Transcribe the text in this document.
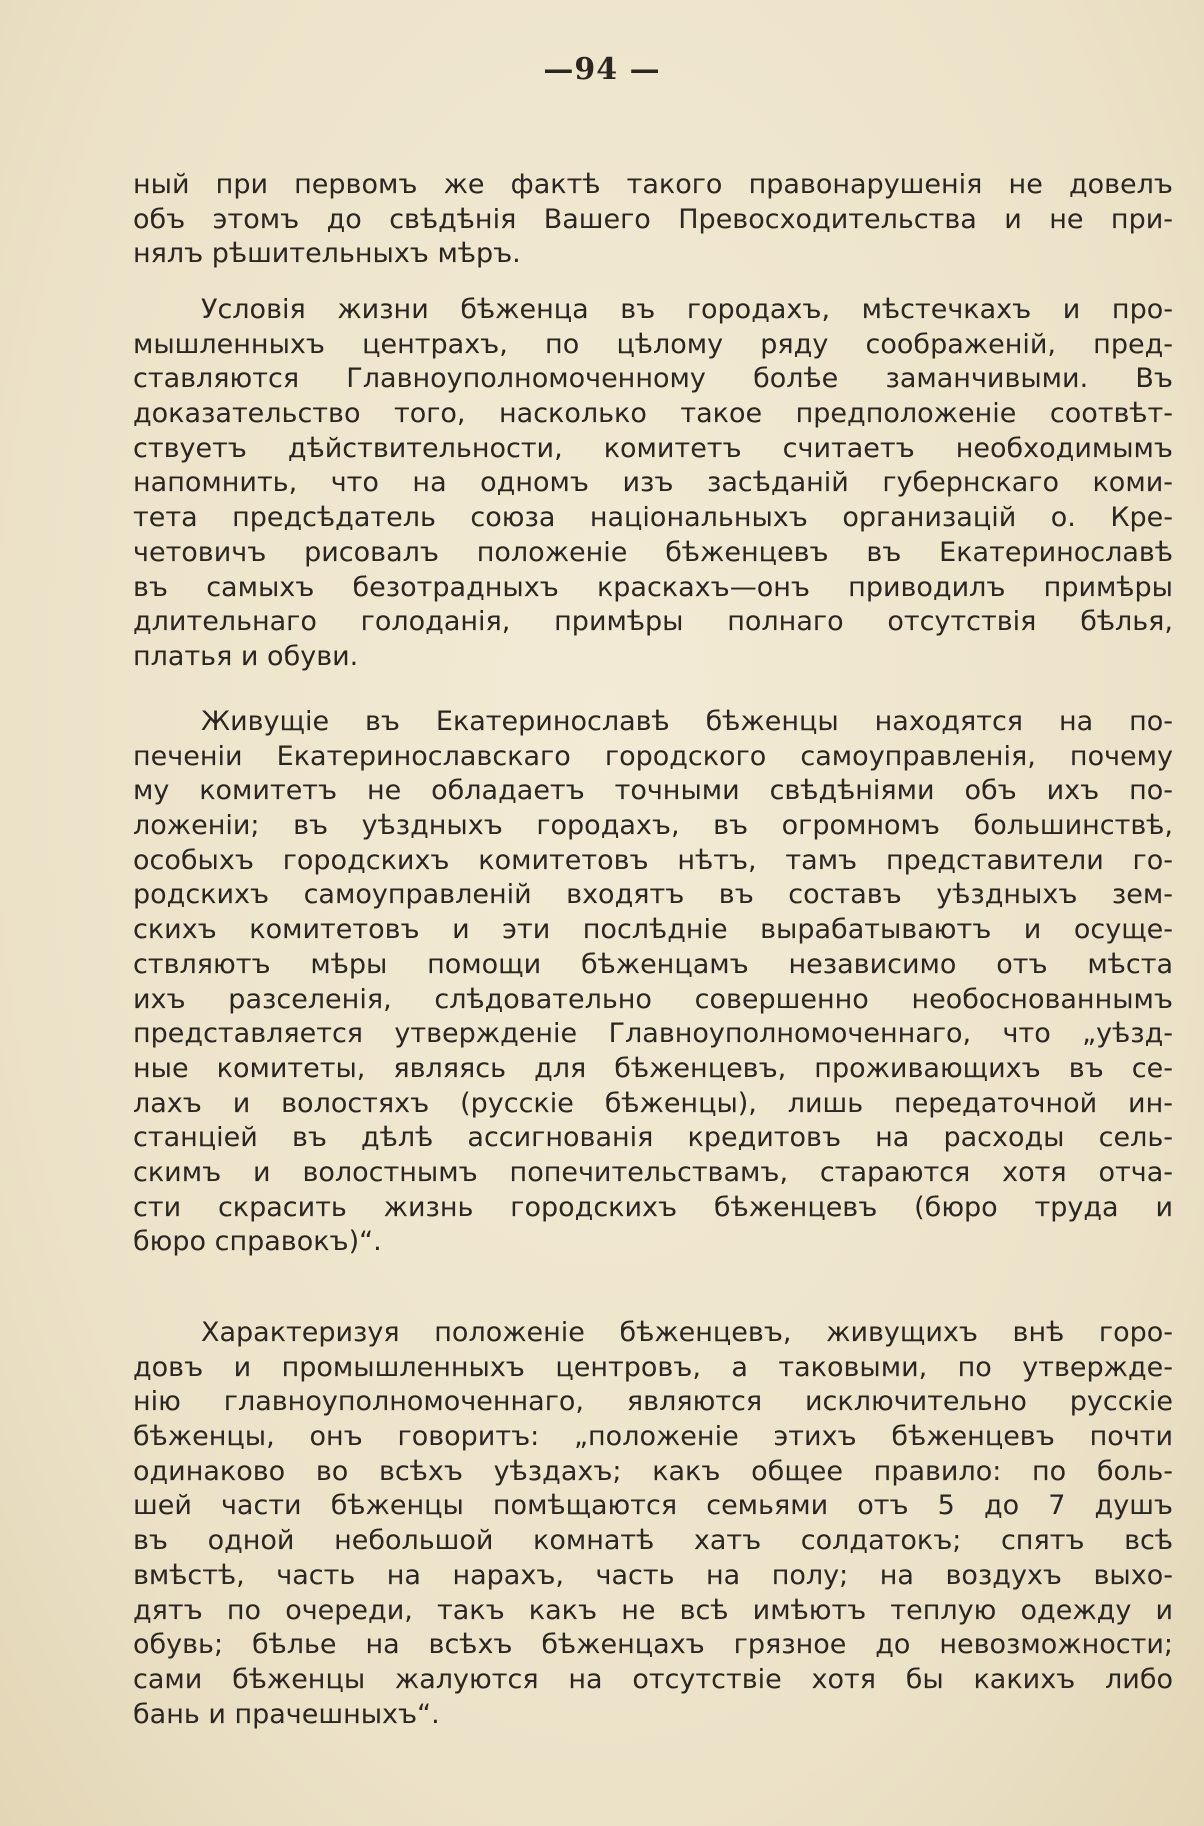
—94 —
ный при первомъ же фактѣ такого правонарушенія не довелъ
объ этомъ до свѣдѣнія Вашего Превосходительства и не при-
нялъ рѣшительныхъ мѣръ.
Условія жизни бѣженца въ городахъ, мѣстечкахъ и про-
мышленныхъ центрахъ, по цѣлому ряду соображеній, пред-
ставляются Главноуполномоченному болѣе заманчивыми. Въ
доказательство того, насколько такое предположеніе соотвѣт-
ствуетъ дѣйствительности, комитетъ считаетъ необходимымъ
напомнить, что на одномъ изъ засѣданій губернскаго коми-
тета предсѣдатель союза національныхъ организацій о. Кре-
четовичъ рисовалъ положеніе бѣженцевъ въ Екатеринославѣ
въ самыхъ безотрадныхъ краскахъ—онъ приводилъ примѣры
длительнаго голоданія, примѣры полнаго отсутствія бѣлья,
платья и обуви.
Живущіе въ Екатеринославѣ бѣженцы находятся на по-
печеніи Екатеринославскаго городского самоуправленія, почему
му комитетъ не обладаетъ точными свѣдѣніями объ ихъ по-
ложеніи; въ уѣздныхъ городахъ, въ огромномъ большинствѣ,
особыхъ городскихъ комитетовъ нѣтъ, тамъ представители го-
родскихъ самоуправленій входятъ въ составъ уѣздныхъ зем-
скихъ комитетовъ и эти послѣдніе вырабатываютъ и осуще-
ствляютъ мѣры помощи бѣженцамъ независимо отъ мѣста
ихъ разселенія, слѣдовательно совершенно необоснованнымъ
представляется утвержденіе Главноуполномоченнаго, что „уѣзд-
ные комитеты, являясь для бѣженцевъ, проживающихъ въ се-
лахъ и волостяхъ (русскіе бѣженцы), лишь передаточной ин-
станціей въ дѣлѣ ассигнованія кредитовъ на расходы сель-
скимъ и волостнымъ попечительствамъ, стараются хотя отча-
сти скрасить жизнь городскихъ бѣженцевъ (бюро труда и
бюро справокъ)“.
Характеризуя положеніе бѣженцевъ, живущихъ внѣ горо-
довъ и промышленныхъ центровъ, а таковыми, по утвержде-
нію главноуполномоченнаго, являются исключительно русскіе
бѣженцы, онъ говоритъ: „положеніе этихъ бѣженцевъ почти
одинаково во всѣхъ уѣздахъ; какъ общее правило: по боль-
шей части бѣженцы помѣщаются семьями отъ 5 до 7 душъ
въ одной небольшой комнатѣ хатъ солдатокъ; спятъ всѣ
вмѣстѣ, часть на нарахъ, часть на полу; на воздухъ выхо-
дятъ по очереди, такъ какъ не всѣ имѣютъ теплую одежду и
обувь; бѣлье на всѣхъ бѣженцахъ грязное до невозможности;
сами бѣженцы жалуются на отсутствіе хотя бы какихъ либо
бань и прачешныхъ“.
